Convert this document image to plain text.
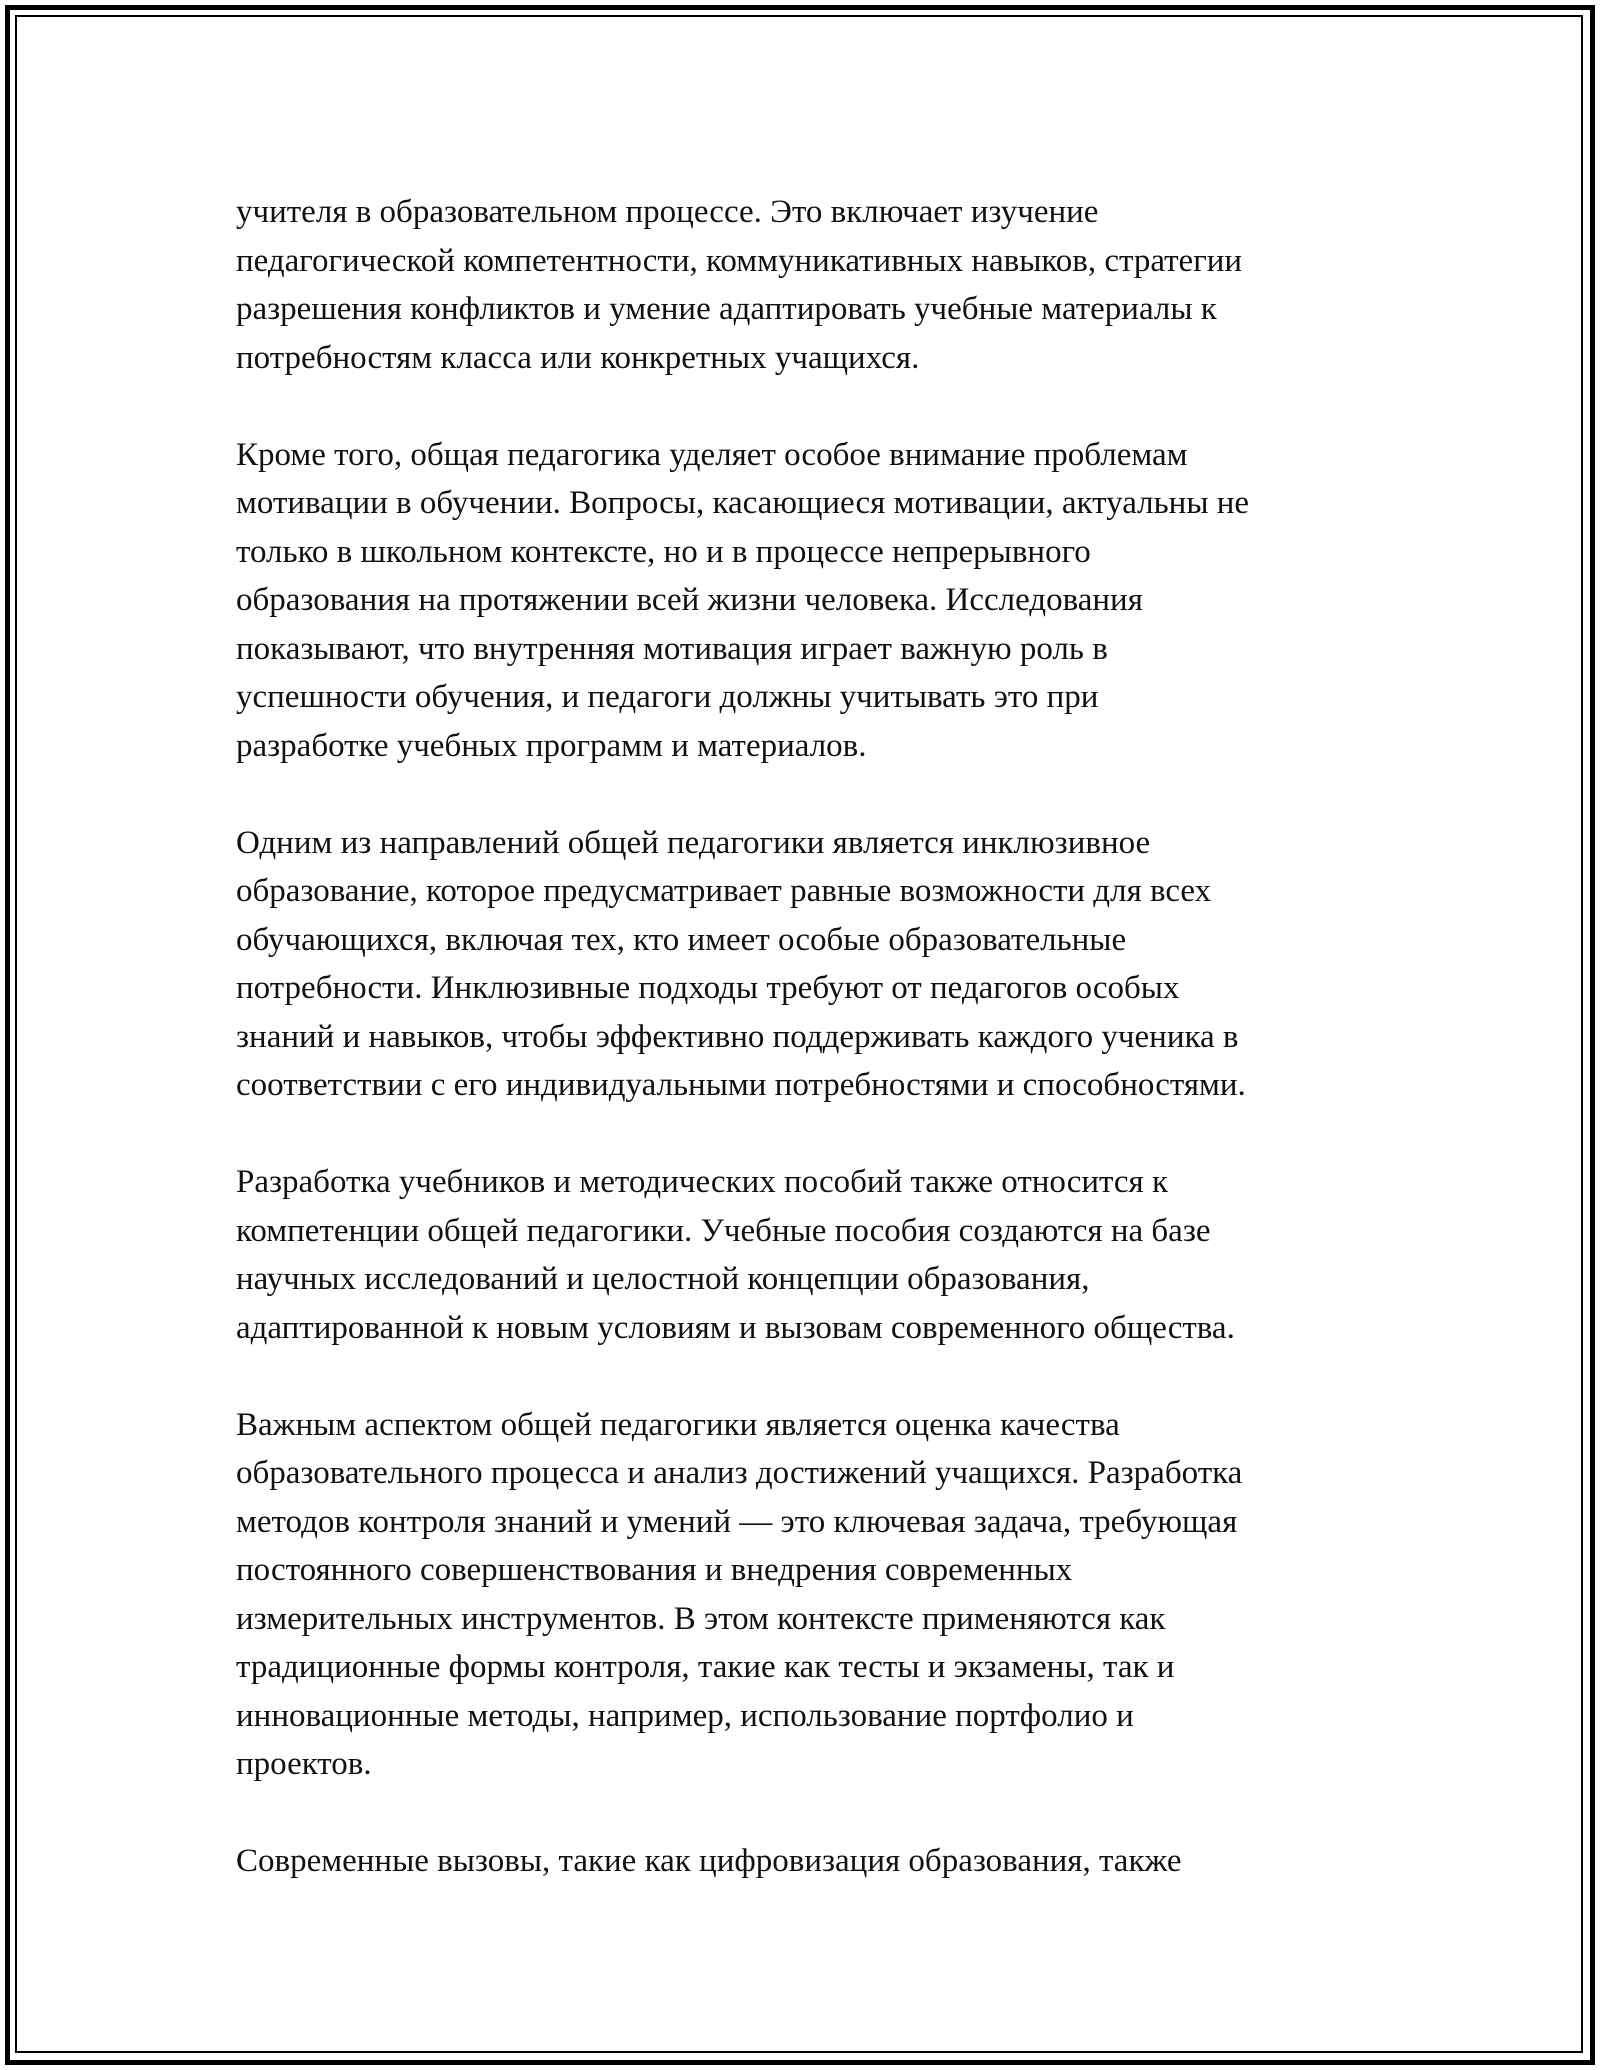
учителя в образовательном процессе. Это включает изучение
педагогической компетентности, коммуникативных навыков, стратегии
разрешения конфликтов и умение адаптировать учебные материалы к
потребностям класса или конкретных учащихся.

Кроме того, общая педагогика уделяет особое внимание проблемам
мотивации в обучении. Вопросы, касающиеся мотивации, актуальны не
только в школьном контексте, но и в процессе непрерывного
образования на протяжении всей жизни человека. Исследования
показывают, что внутренняя мотивация играет важную роль в
успешности обучения, и педагоги должны учитывать это при
разработке учебных программ и материалов.

Одним из направлений общей педагогики является инклюзивное
образование, которое предусматривает равные возможности для всех
обучающихся, включая тех, кто имеет особые образовательные
потребности. Инклюзивные подходы требуют от педагогов особых
знаний и навыков, чтобы эффективно поддерживать каждого ученика в
соответствии с его индивидуальными потребностями и способностями.

Разработка учебников и методических пособий также относится к
компетенции общей педагогики. Учебные пособия создаются на базе
научных исследований и целостной концепции образования,
адаптированной к новым условиям и вызовам современного общества.

Важным аспектом общей педагогики является оценка качества
образовательного процесса и анализ достижений учащихся. Разработка
методов контроля знаний и умений — это ключевая задача, требующая
постоянного совершенствования и внедрения современных
измерительных инструментов. В этом контексте применяются как
традиционные формы контроля, такие как тесты и экзамены, так и
инновационные методы, например, использование портфолио и
проектов.

Современные вызовы, такие как цифровизация образования, также
